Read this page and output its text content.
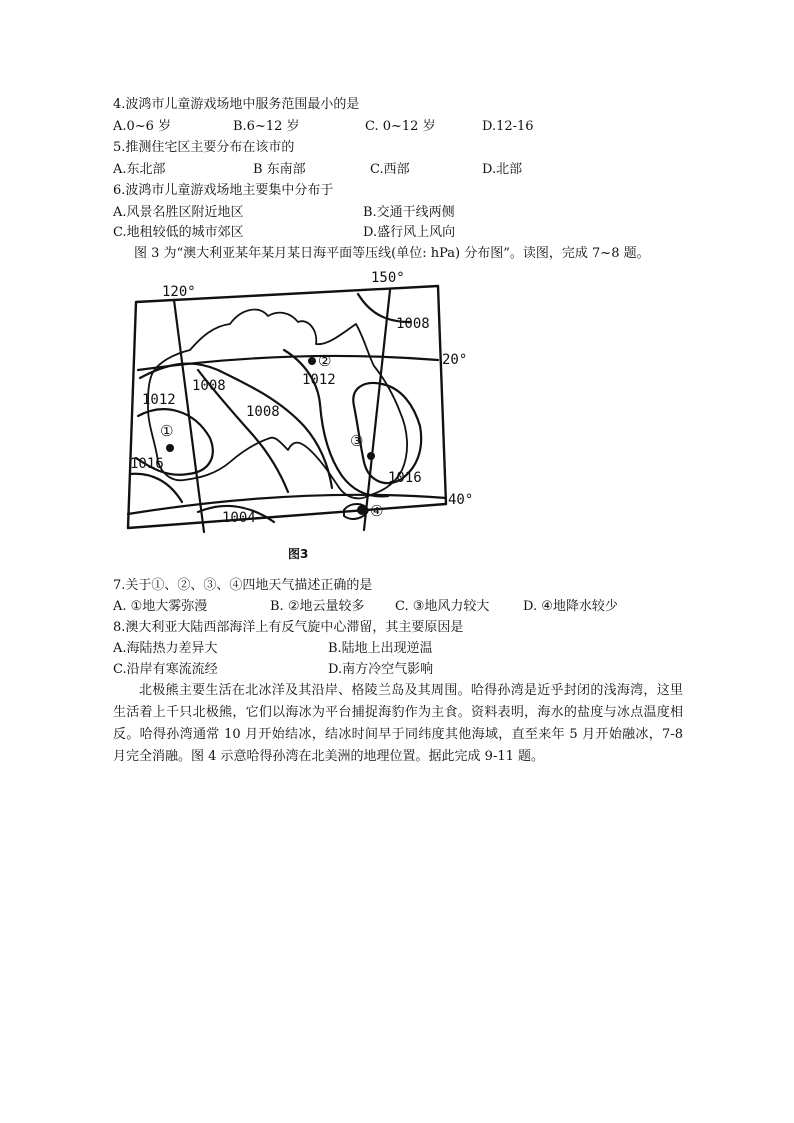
4.波鸿市儿童游戏场地中服务范围最小的是
A.0~6 岁	B.6~12 岁	C. 0~12 岁	D.12-16
5.推测住宅区主要分布在该市的
A.东北部	B 东南部	C.西部	D.北部
6.波鸿市儿童游戏场地主要集中分布于
A.风景名胜区附近地区	B.交通干线两侧
C.地租较低的城市郊区	D.盛行风上风向
图 3 为“澳大利亚某年某月某日海平面等压线(单位: hPa) 分布图”。读图，完成 7~8 题。
120°
150°
20°
40°
1008
1012
1008
1012
1008
1016
1016
1004
①
②
③
④
图3
7.关于①、②、③、④四地天气描述正确的是
A. ①地大雾弥漫	B. ②地云量较多 C. ③地风力较大	D. ④地降水较少
8.澳大利亚大陆西部海洋上有反气旋中心滞留，其主要原因是
A.海陆热力差异大	B.陆地上出现逆温
C.沿岸有寒流流经	D.南方冷空气影响

北极熊主要生活在北冰洋及其沿岸、格陵兰岛及其周围。哈得孙湾是近乎封闭的浅海湾，这里生活着上千只北极熊，它们以海冰为平台捕捉海豹作为主食。资料表明，海水的盐度与冰点温度相反。哈得孙湾通常 10 月开始结冰，结冰时间早于同纬度其他海域，直至来年 5 月开始融冰，7-8 月完全消融。图 4 示意哈得孙湾在北美洲的地理位置。据此完成 9-11 题。
